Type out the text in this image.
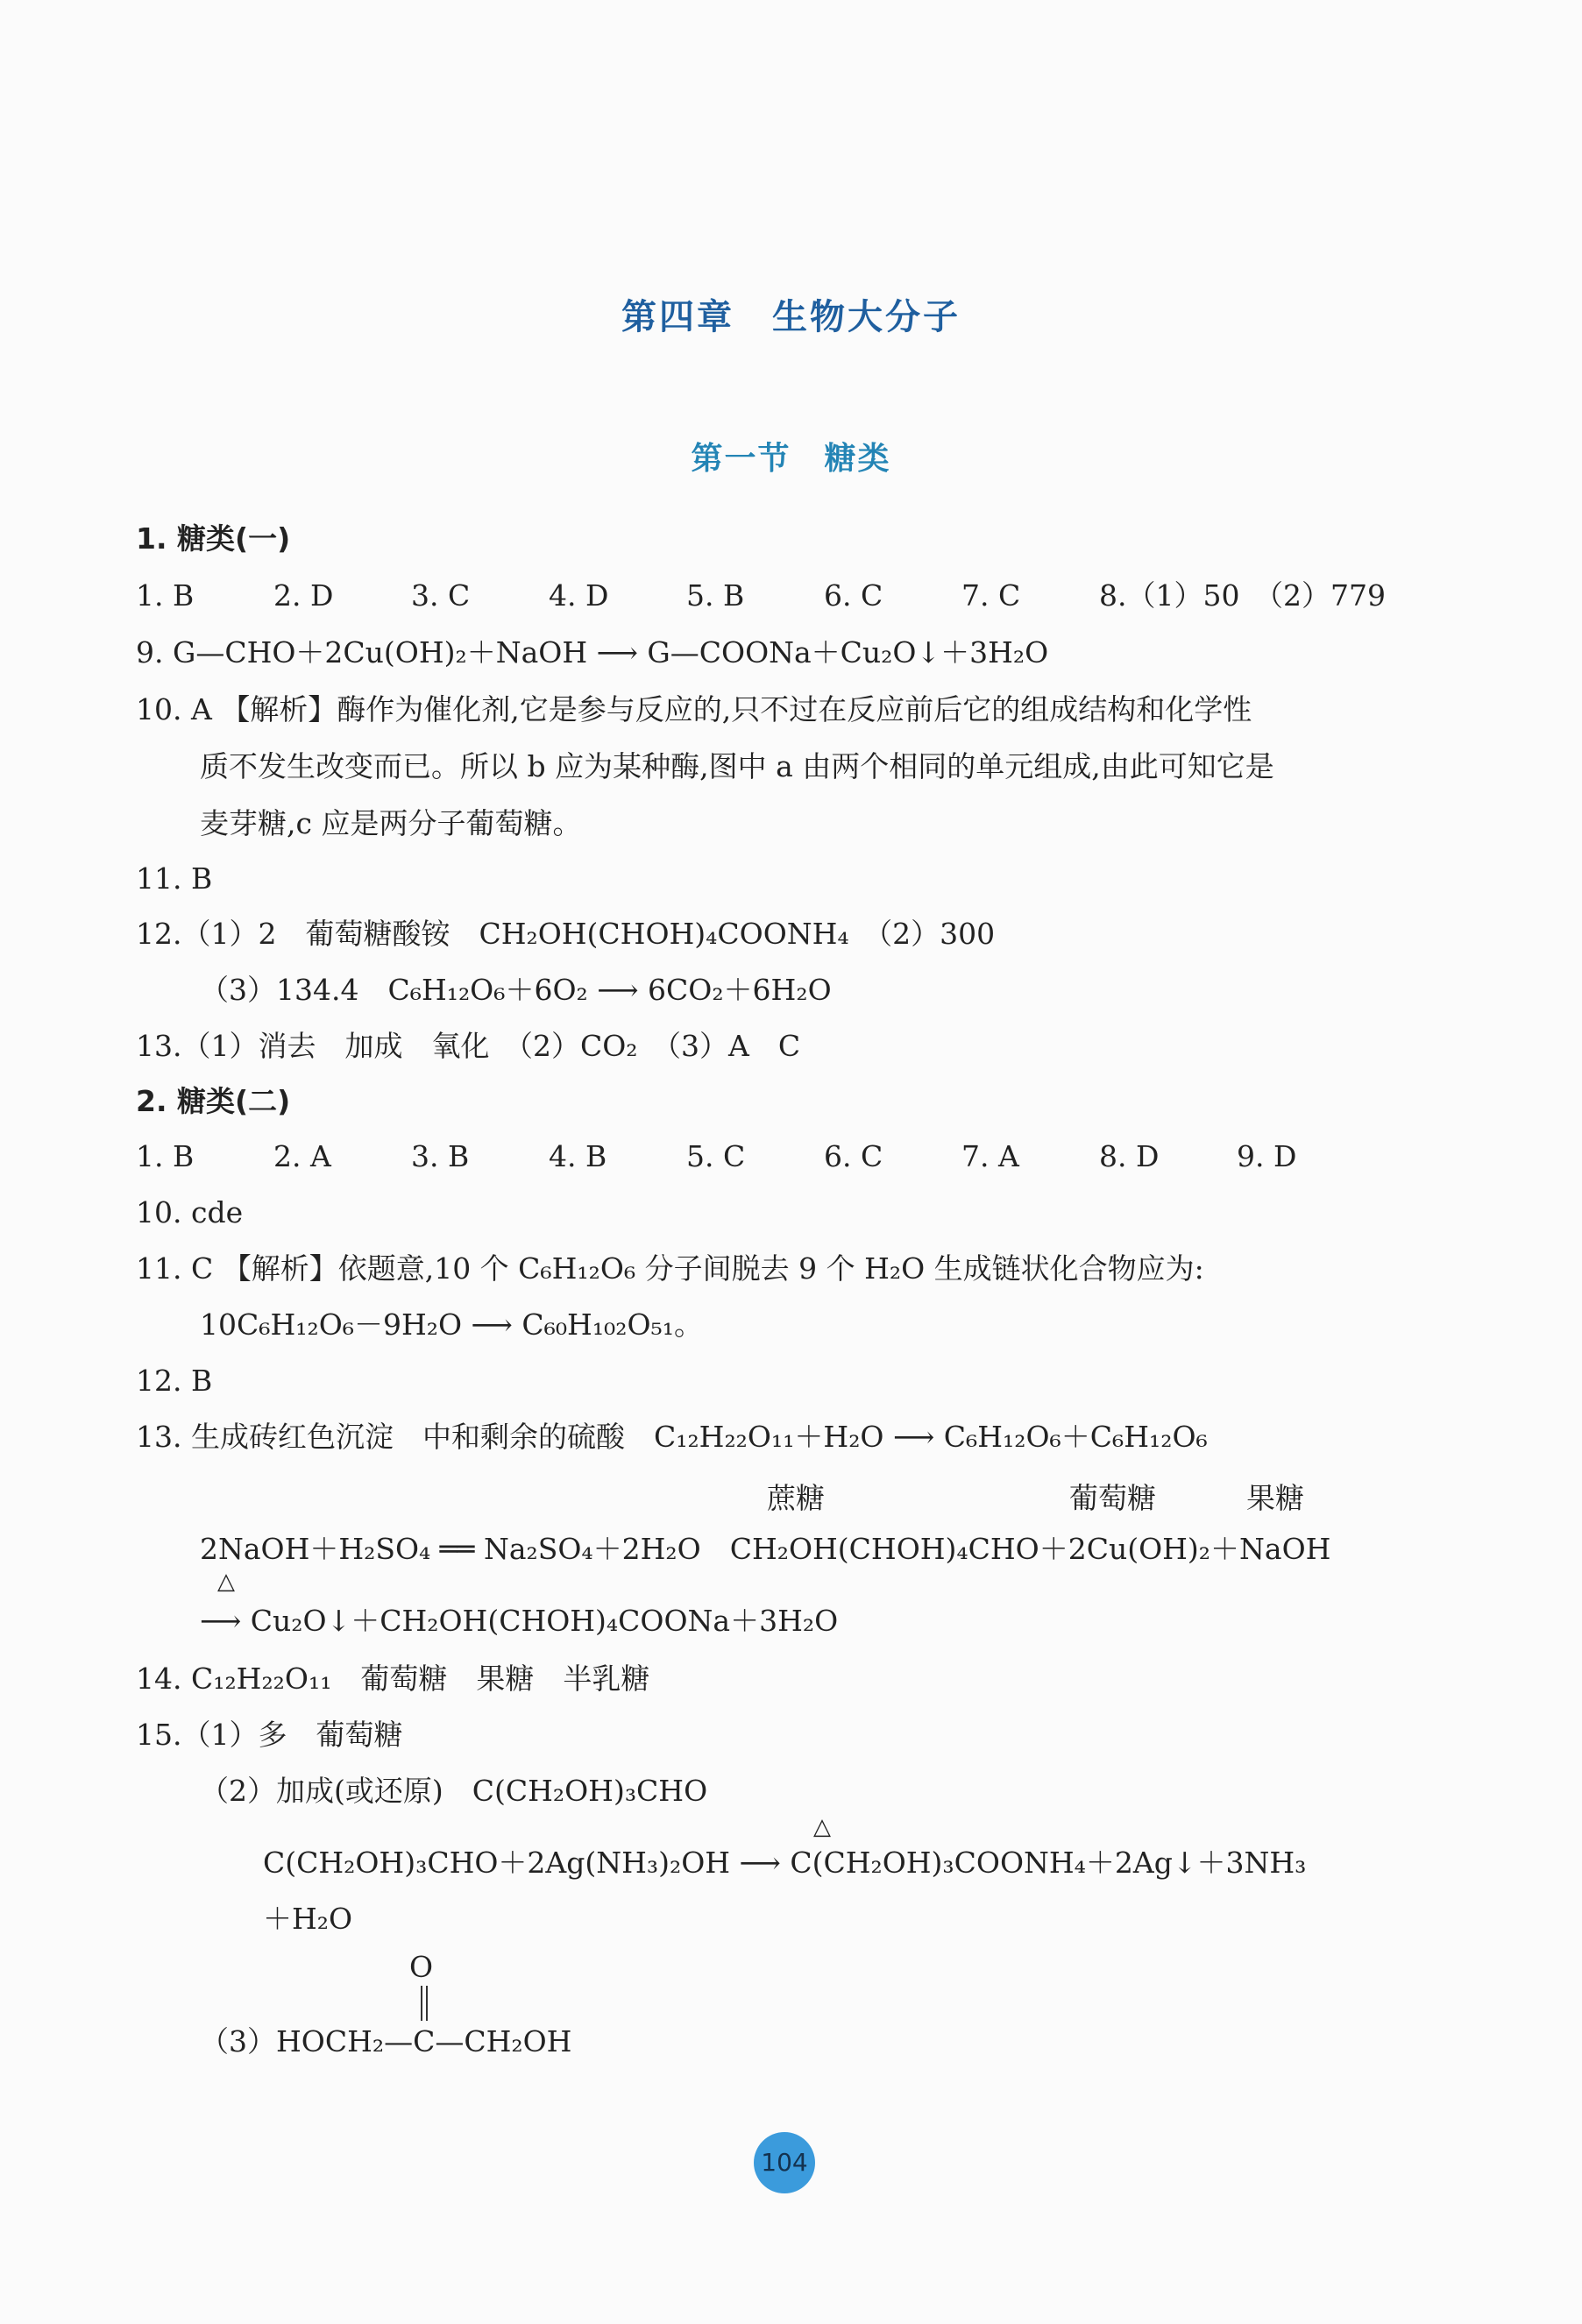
第四章　生物大分子
第一节　糖类
1. 糖类(一)
1. B	2. D	3. C	4. D	5. B	6. C	7. C	8.（1）50　（2）779
9. G—CHO＋2Cu(OH)₂＋NaOH ⟶ G—COONa＋Cu₂O↓＋3H₂O
10. A 【解析】酶作为催化剂,它是参与反应的,只不过在反应前后它的组成结构和化学性
质不发生改变而已。所以 b 应为某种酶,图中 a 由两个相同的单元组成,由此可知它是
麦芽糖,c 应是两分子葡萄糖。
11. B
12.（1）2　葡萄糖酸铵　CH₂OH(CHOH)₄COONH₄　（2）300
（3）134.4　C₆H₁₂O₆＋6O₂ ⟶ 6CO₂＋6H₂O
13.（1）消去　加成　氧化　（2）CO₂　（3）A　C
2. 糖类(二)
1. B	2. A	3. B	4. B	5. C	6. C	7. A	8. D	9. D
10. cde
11. C 【解析】依题意,10 个 C₆H₁₂O₆ 分子间脱去 9 个 H₂O 生成链状化合物应为:
10C₆H₁₂O₆－9H₂O ⟶ C₆₀H₁₀₂O₅₁。
12. B
13. 生成砖红色沉淀　中和剩余的硫酸　C₁₂H₂₂O₁₁＋H₂O ⟶ C₆H₁₂O₆＋C₆H₁₂O₆
蔗糖	葡萄糖	果糖
2NaOH＋H₂SO₄ ══ Na₂SO₄＋2H₂O　CH₂OH(CHOH)₄CHO＋2Cu(OH)₂＋NaOH
△
⟶ Cu₂O↓＋CH₂OH(CHOH)₄COONa＋3H₂O
14. C₁₂H₂₂O₁₁　葡萄糖　果糖　半乳糖
15.（1）多　葡萄糖
（2）加成(或还原)　C(CH₂OH)₃CHO
△
C(CH₂OH)₃CHO＋2Ag(NH₃)₂OH ⟶ C(CH₂OH)₃COONH₄＋2Ag↓＋3NH₃
＋H₂O
O
（3）HOCH₂—C—CH₂OH
104
